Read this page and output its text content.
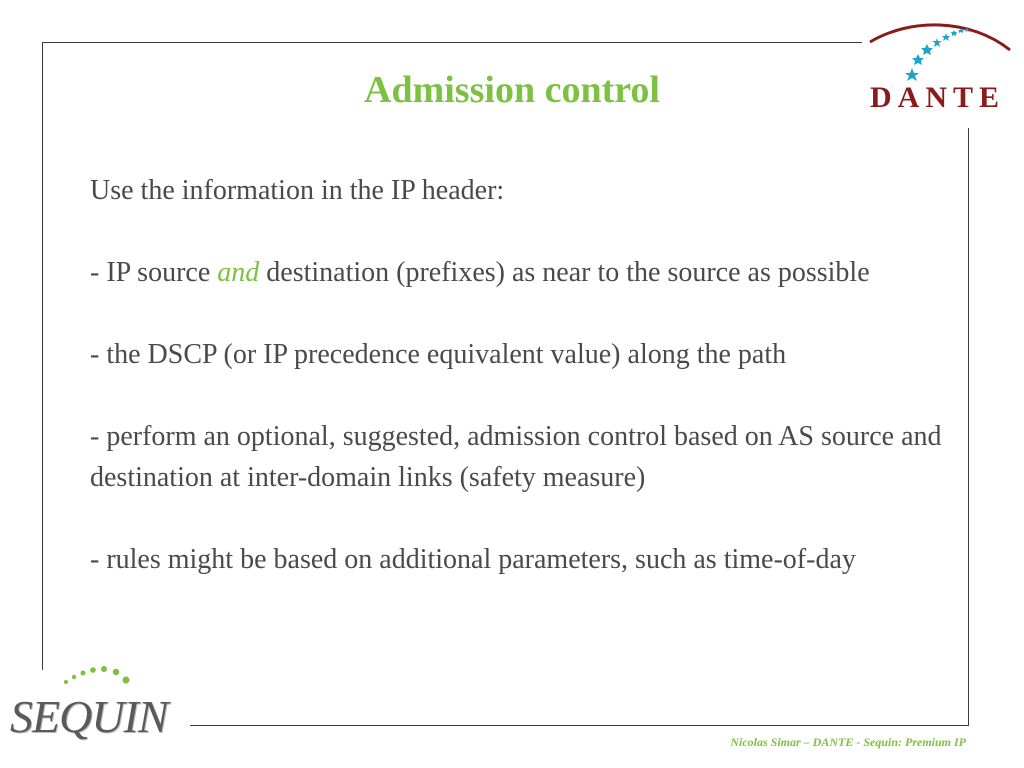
DANTE
Admission control

Use the information in the IP header:

- IP source and destination (prefixes) as near to the source as possible

- the DSCP (or IP precedence equivalent value) along the path

- perform an optional, suggested, admission control based on AS source and destination at inter-domain links (safety measure)

- rules might be based on additional parameters, such as time-of-day

SEQUIN	Nicolas Simar – DANTE - Sequin: Premium IP
